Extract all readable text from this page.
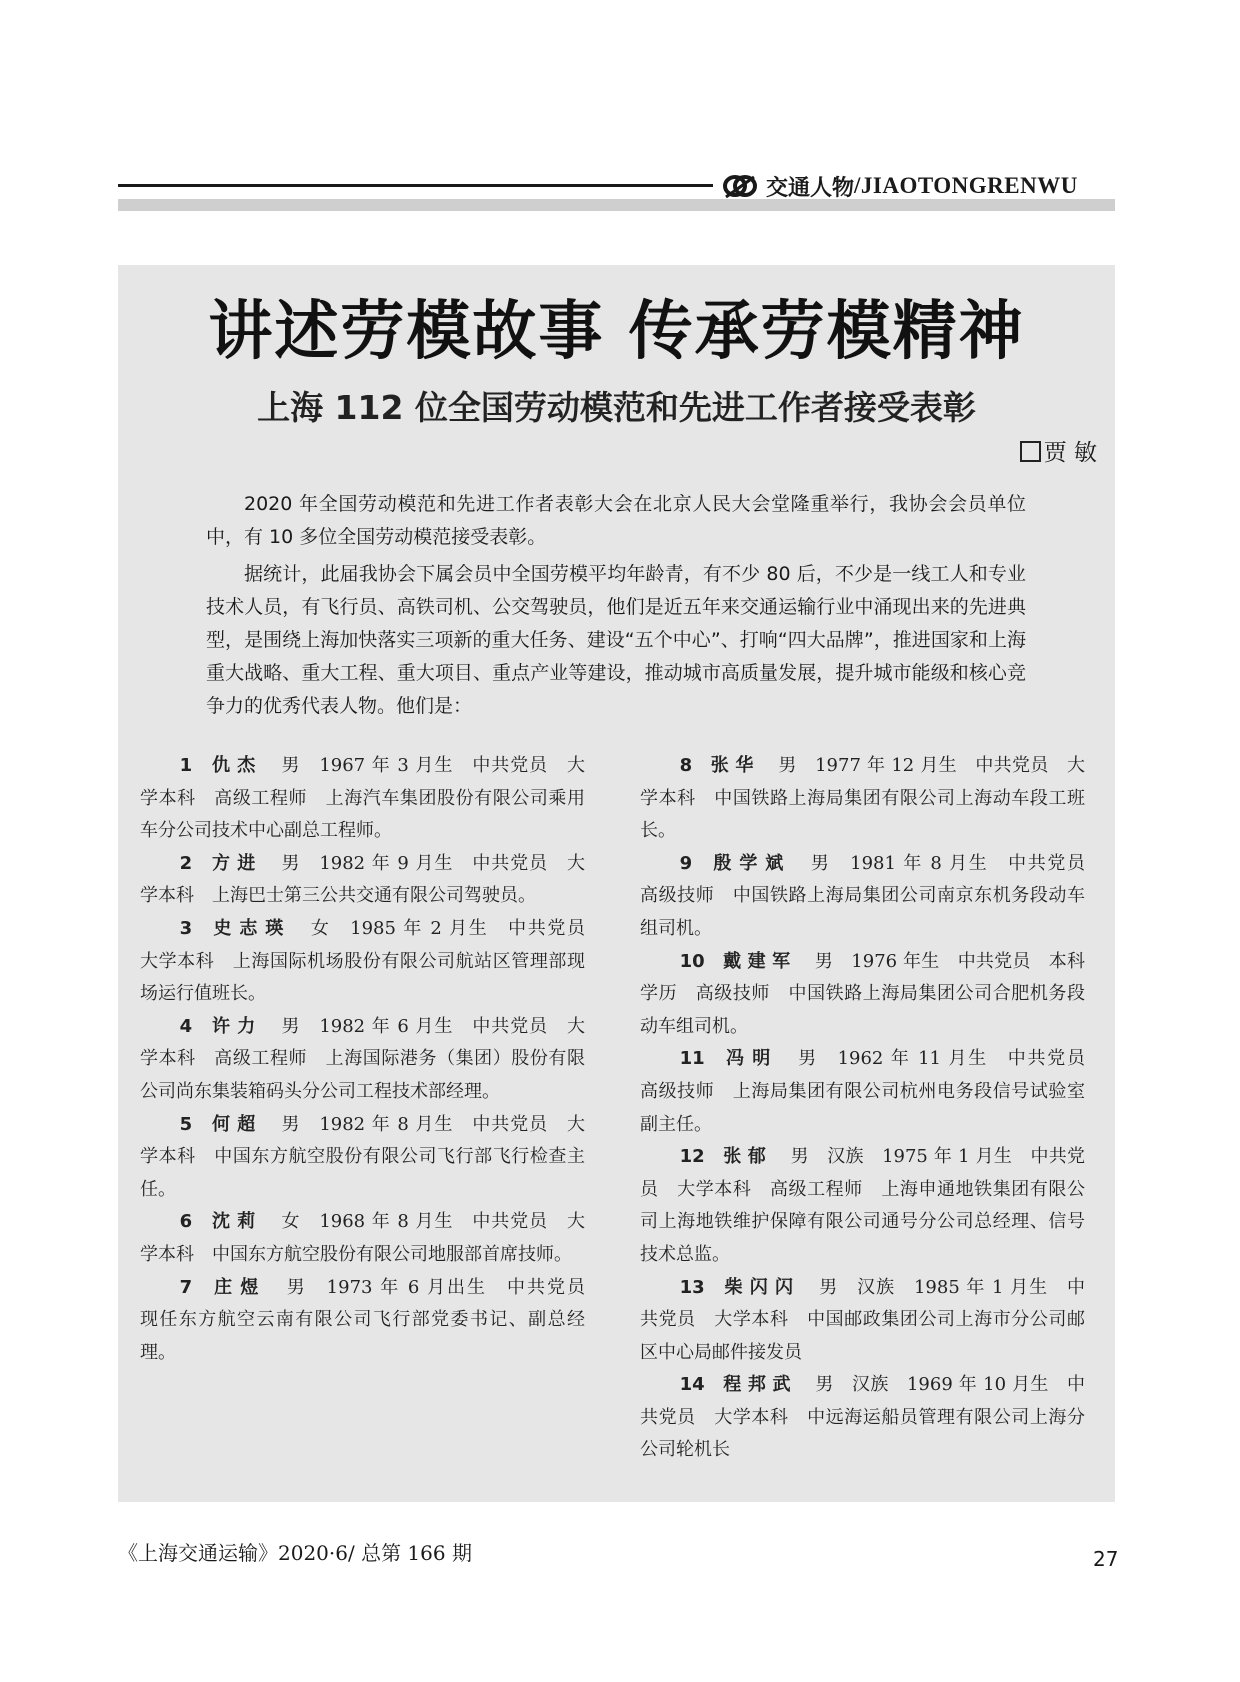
交通人物 /JIAOTONGRENWU
讲述劳模故事 传承劳模精神
上海 112 位全国劳动模范和先进工作者接受表彰
贾 敏

2020 年全国劳动模范和先进工作者表彰大会在北京人民大会堂隆重举行，我协会会员单位中，有 10 多位全国劳动模范接受表彰。

据统计，此届我协会下属会员中全国劳模平均年龄青，有不少 80 后，不少是一线工人和专业技术人员，有飞行员、高铁司机、公交驾驶员，他们是近五年来交通运输行业中涌现出来的先进典型，是围绕上海加快落实三项新的重大任务、建设“五个中心”、打响“四大品牌”，推进国家和上海重大战略、重大工程、重大项目、重点产业等建设，推动城市高质量发展，提升城市能级和核心竞争力的优秀代表人物。他们是：

1　 仇杰　 男　1967 年 3 月生　中共党员　大学本科　高级工程师　上海汽车集团股份有限公司乘用车分公司技术中心副总工程师。

2　 方进　 男　1982 年 9 月生　中共党员　大学本科　上海巴士第三公共交通有限公司驾驶员。

3　 史志瑛　 女　1985 年 2 月生　中共党员　大学本科　上海国际机场股份有限公司航站区管理部现场运行值班长。

4　 许力　 男　1982 年 6 月生　中共党员　大学本科　高级工程师　上海国际港务（集团）股份有限公司尚东集装箱码头分公司工程技术部经理。

5　 何超　 男　1982 年 8 月生　中共党员　大学本科　中国东方航空股份有限公司飞行部飞行检查主任。

6　 沈莉　 女　1968 年 8 月生　中共党员　大学本科　中国东方航空股份有限公司地服部首席技师。

7　 庄煜　 男　1973 年 6 月出生　中共党员　现任东方航空云南有限公司飞行部党委书记、副总经理。

8　 张华　 男　1977 年 12 月生　中共党员　大学本科　中国铁路上海局集团有限公司上海动车段工班长。

9　 殷学斌　 男　1981 年 8 月生　中共党员　高级技师　中国铁路上海局集团公司南京东机务段动车组司机。

10　 戴建军　 男　1976 年生　中共党员　本科学历　高级技师　中国铁路上海局集团公司合肥机务段动车组司机。

11　 冯明　 男　1962 年 11 月生　中共党员　高级技师　上海局集团有限公司杭州电务段信号试验室副主任。

12　 张郁　 男　汉族　1975 年 1 月生　中共党员　大学本科　高级工程师　上海申通地铁集团有限公司上海地铁维护保障有限公司通号分公司总经理、信号技术总监。

13　 柴闪闪　 男　汉族　1985 年 1 月生　中共党员　大学本科　中国邮政集团公司上海市分公司邮区中心局邮件接发员

14　 程邦武　 男　汉族　1969 年 10 月生　中共党员　大学本科　中远海运船员管理有限公司上海分公司轮机长

《上海交通运输》2020·6/ 总第 166 期	27
